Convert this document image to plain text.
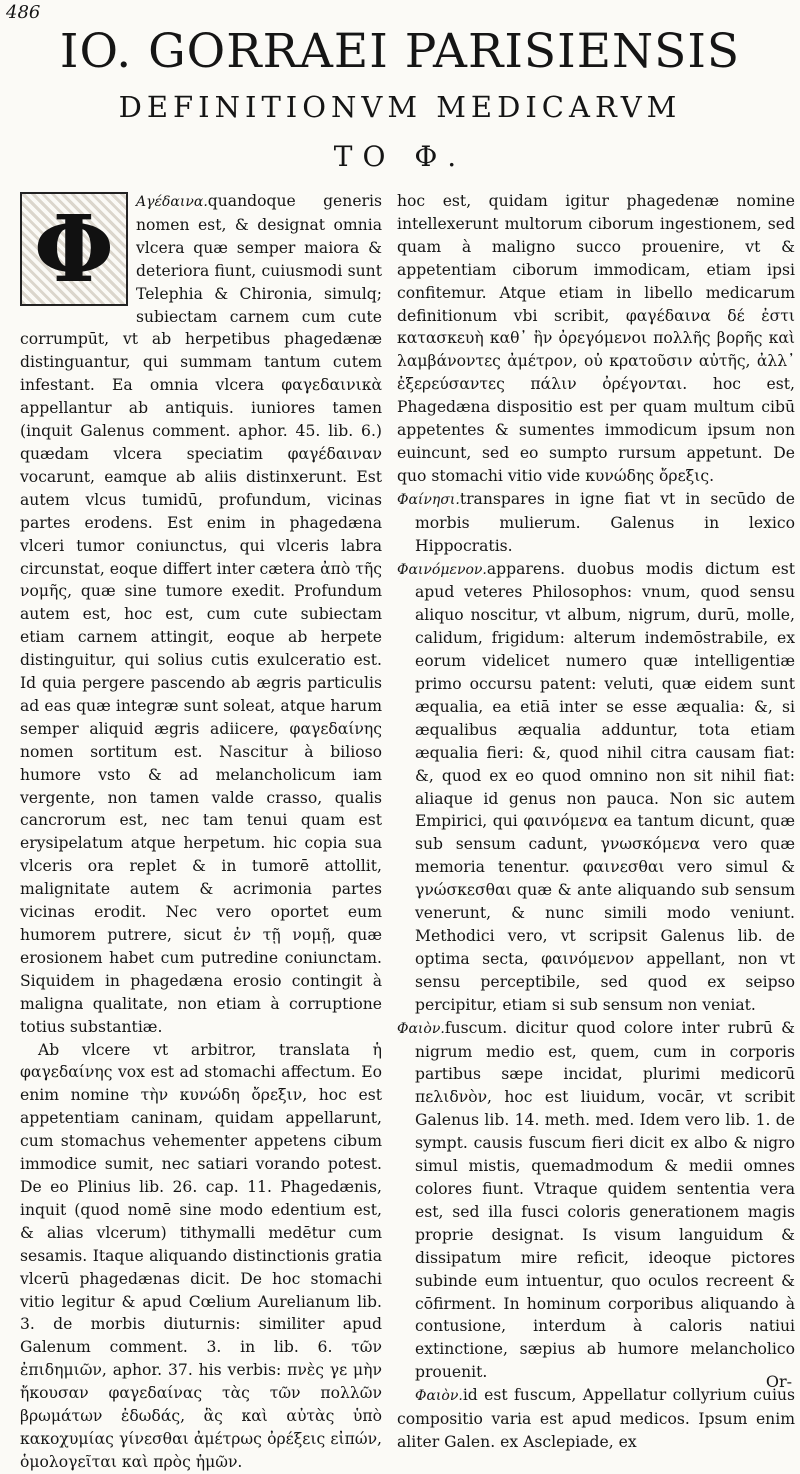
486
IO. GORRAEI PARISIENSIS
DEFINITIONVM MEDICARVM
TO Φ.
Φ	Αγέδαινα.quandoque generis nomen est, & designat omnia vlcera quæ semper maiora & deteriora fiunt, cuiusmodi sunt Telephia & Chironia, simulq; subiectam carnem cum cute corrumpūt, vt ab herpetibus phagedænæ distinguantur, qui summam tantum cutem infestant. Ea omnia vlcera φαγεδαινικὰ appellantur ab antiquis. iuniores tamen (inquit Galenus comment. aphor. 45. lib. 6.) quædam vlcera speciatim φαγέδαιναν vocarunt, eamque ab aliis distinxerunt. Est autem vlcus tumidū, profundum, vicinas partes erodens. Est enim in phagedæna vlceri tumor coniunctus, qui vlceris labra circunstat, eoque differt inter cætera ἀπὸ τῆς νομῆς, quæ sine tumore exedit. Profundum autem est, hoc est, cum cute subiectam etiam carnem attingit, eoque ab herpete distinguitur, qui solius cutis exulceratio est. Id quia pergere pascendo ab ægris particulis ad eas quæ integræ sunt soleat, atque harum semper aliquid ægris adiicere, φαγεδαίνης nomen sortitum est. Nascitur à bilioso humore vsto & ad melancholicum iam vergente, non tamen valde crasso, qualis cancrorum est, nec tam tenui quam est erysipelatum atque herpetum. hic copia sua vlceris ora replet & in tumorē attollit, malignitate autem & acrimonia partes vicinas erodit. Nec vero oportet eum humorem putrere, sicut ἐν τῇ νομῇ, quæ erosionem habet cum putredine coniunctam. Siquidem in phagedæna erosio contingit à maligna qualitate, non etiam à corruptione totius substantiæ.

Ab vlcere vt arbitror, translata ἡ φαγεδαίνης vox est ad stomachi affectum. Eo enim nomine τὴν κυνώδη ὄρεξιν, hoc est appetentiam caninam, quidam appellarunt, cum stomachus vehementer appetens cibum immodice sumit, nec satiari vorando potest. De eo Plinius lib. 26. cap. 11. Phagedænis, inquit (quod nomē sine modo edentium est, & alias vlcerum) tithymalli medētur cum sesamis. Itaque aliquando distinctionis gratia vlcerū phagedænas dicit. De hoc stomachi vitio legitur & apud Cœlium Aurelianum lib. 3. de morbis diuturnis: similiter apud Galenum comment. 3. in lib. 6. τῶν ἐπιδημιῶν, aphor. 37. his verbis: πνὲς γε μὴν ἤκουσαν φαγεδαίνας τὰς τῶν πολλῶν βρωμάτων ἐδωδάς, ἃς καὶ αὐτὰς ὑπὸ κακοχυμίας γίνεσθαι ἀμέτρως ὀρέξεις εἰπών, ὁμολογεῖται καὶ πρὸς ἡμῶν.

hoc est, quidam igitur phagedenæ nomine intellexerunt multorum ciborum ingestionem, sed quam à maligno succo prouenire, vt & appetentiam ciborum immodicam, etiam ipsi confitemur. Atque etiam in libello medicarum definitionum vbi scribit, φαγέδαινα δέ ἐστι κατασκευὴ καθ᾿ ἣν ὀρεγόμενοι πολλῆς βορῆς καὶ λαμβάνοντες ἀμέτρον, οὐ κρατοῦσιν αὐτῆς, ἀλλ᾿ ἐξερεύσαντες πάλιν ὀρέγονται. hoc est, Phagedæna dispositio est per quam multum cibū appetentes & sumentes immodicum ipsum non euincunt, sed eo sumpto rursum appetunt. De quo stomachi vitio vide κυνώδης ὄρεξις.

Φαίνησι.transpares in igne fiat vt in secūdo de morbis mulierum. Galenus in lexico Hippocratis.

Φαινόμενον.apparens. duobus modis dictum est apud veteres Philosophos: vnum, quod sensu aliquo noscitur, vt album, nigrum, durū, molle, calidum, frigidum: alterum indemōstrabile, ex eorum videlicet numero quæ intelligentiæ primo occursu patent: veluti, quæ eidem sunt æqualia, ea etiā inter se esse æqualia: &, si æqualibus æqualia adduntur, tota etiam æqualia fieri: &, quod nihil citra causam fiat: &, quod ex eo quod omnino non sit nihil fiat: aliaque id genus non pauca. Non sic autem Empirici, qui φαινόμενα ea tantum dicunt, quæ sub sensum cadunt, γνωσκόμενα vero quæ memoria tenentur. φαινεσθαι vero simul & γνώσκεσθαι quæ & ante aliquando sub sensum venerunt, & nunc simili modo veniunt. Methodici vero, vt scripsit Galenus lib. de optima secta, φαινόμενον appellant, non vt sensu perceptibile, sed quod ex seipso percipitur, etiam si sub sensum non veniat.

Φαιὸν.fuscum. dicitur quod colore inter rubrū & nigrum medio est, quem, cum in corporis partibus sæpe incidat, plurimi medicorū πελιδνὸν, hoc est liuidum, vocār, vt scribit Galenus lib. 14. meth. med. Idem vero lib. 1. de sympt. causis fuscum fieri dicit ex albo & nigro simul mistis, quemadmodum & medii omnes colores fiunt. Vtraque quidem sententia vera est, sed illa fusci coloris generationem magis proprie designat. Is visum languidum & dissipatum mire reficit, ideoque pictores subinde eum intuentur, quo oculos recreent & cōfirment. In hominum corporibus aliquando à contusione, interdum à caloris natiui extinctione, sæpius ab humore melancholico prouenit.

Φαιὸν.id est fuscum, Appellatur collyrium cuius compositio varia est apud medicos. Ipsum enim aliter Galen. ex Asclepiade, ex

Or-
